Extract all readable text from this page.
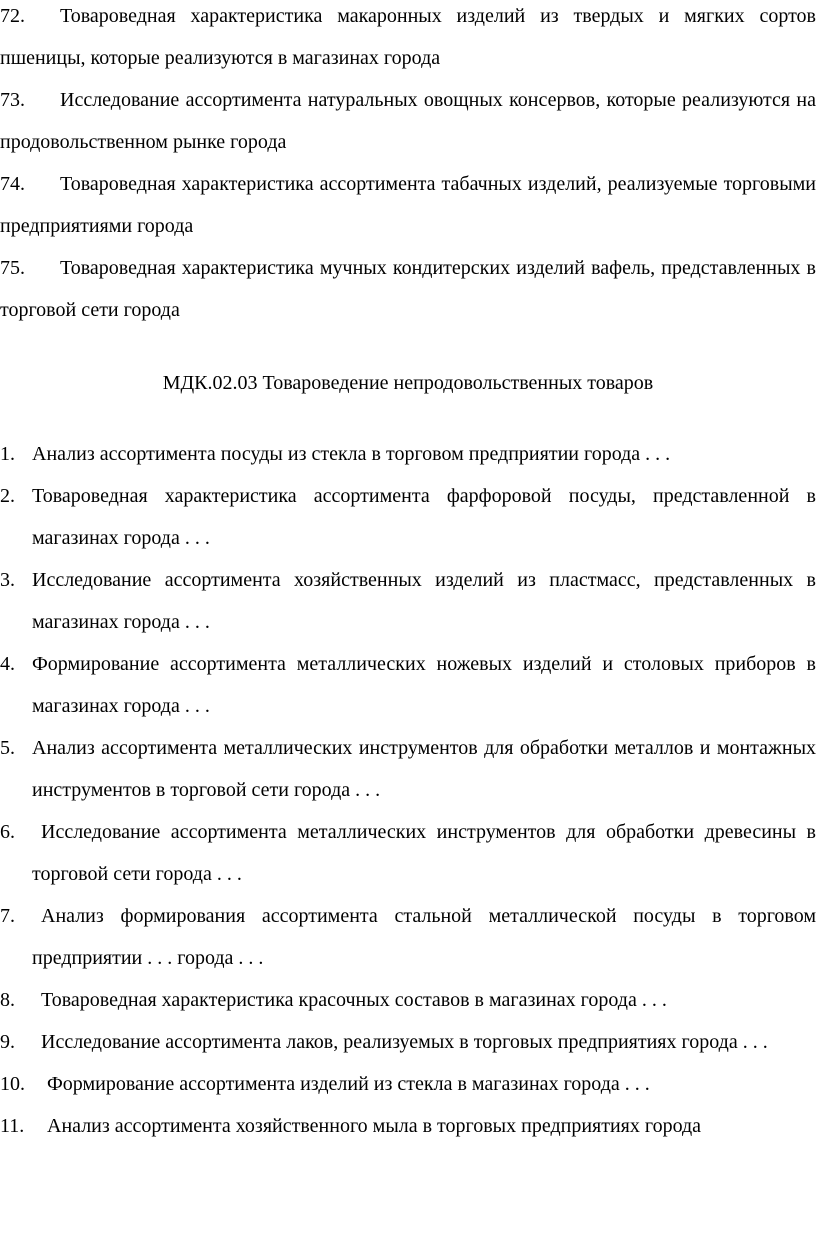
72. Товароведная характеристика макаронных изделий из твердых и мягких сортов пшеницы, которые реализуются в магазинах города

73. Исследование ассортимента натуральных овощных консервов, которые реализуются на продовольственном рынке города

74. Товароведная характеристика ассортимента табачных изделий, реализуемые торговыми предприятиями города

75. Товароведная характеристика мучных кондитерских изделий вафель, представленных в торговой сети города

МДК.02.03 Товароведение непродовольственных товаров

1. Анализ ассортимента посуды из стекла в торговом предприятии города . . .

2. Товароведная характеристика ассортимента фарфоровой посуды, представленной в магазинах города . . .

3. Исследование ассортимента хозяйственных изделий из пластмасс, представленных в магазинах города . . .

4. Формирование ассортимента металлических ножевых изделий и столовых приборов в магазинах города . . .

5. Анализ ассортимента металлических инструментов для обработки металлов и монтажных инструментов в торговой сети города . . .

6. Исследование ассортимента металлических инструментов для обработки древесины в торговой сети города . . .

7. Анализ формирования ассортимента стальной металлической посуды в торговом предприятии . . . города . . .

8. Товароведная характеристика красочных составов в магазинах города . . .

9. Исследование ассортимента лаков, реализуемых в торговых предприятиях города . . .

10. Формирование ассортимента изделий из стекла в магазинах города . . .

11. Анализ ассортимента хозяйственного мыла в торговых предприятиях города
